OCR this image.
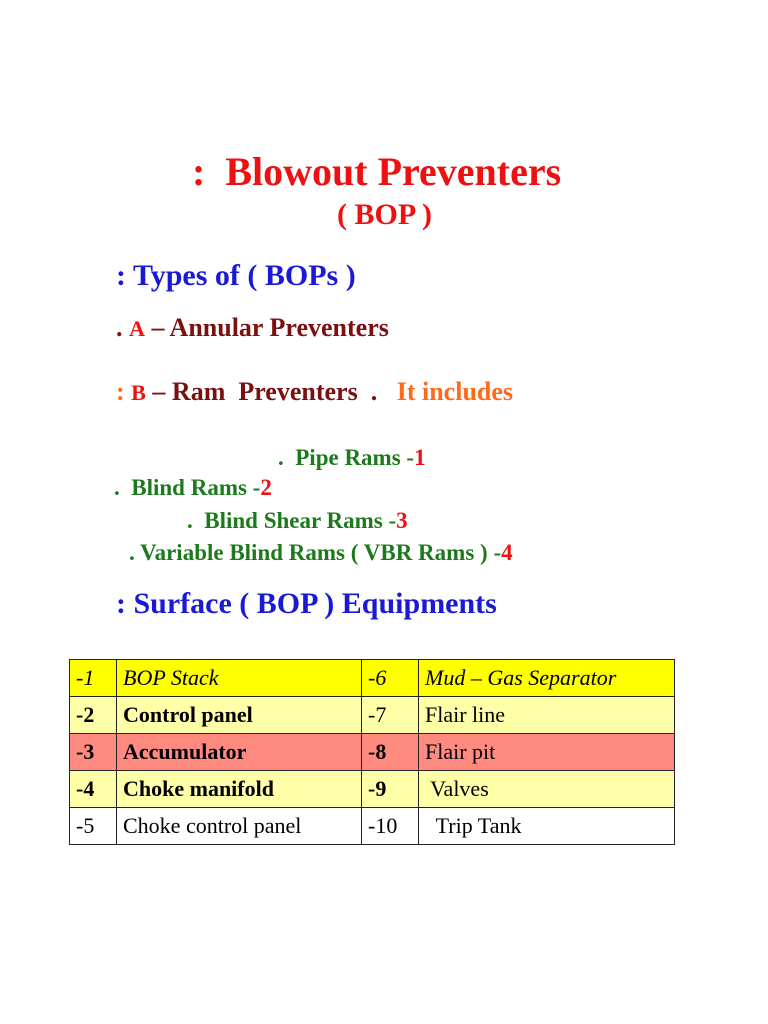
:  Blowout Preventers
( BOP )
: Types of ( BOPs )
. A – Annular Preventers
: B – Ram  Preventers  . It includes
.  Pipe Rams -1
.  Blind Rams -2
.  Blind Shear Rams -3
. Variable Blind Rams ( VBR Rams ) -4
: Surface ( BOP ) Equipments
-1	BOP Stack	-6	Mud – Gas Separator
-2	Control panel	-7	Flair line
-3	Accumulator	-8	Flair pit
-4	Choke manifold	-9	Valves
-5	Choke control panel	-10	Trip Tank
